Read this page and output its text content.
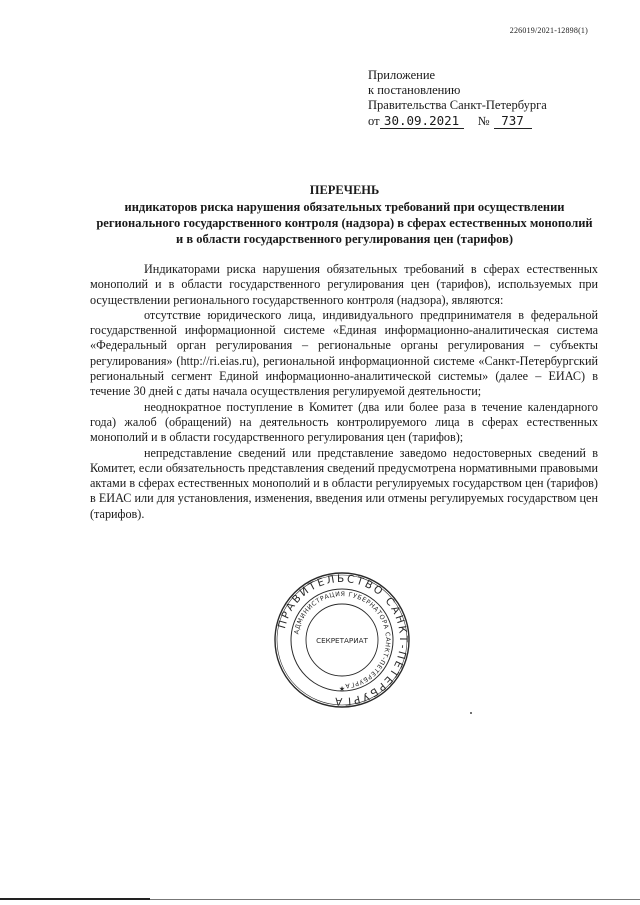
226019/2021-12898(1)
Приложение
к постановлению
Правительства Санкт-Петербурга
от 30.09.2021	№ 737
ПЕРЕЧЕНЬ
индикаторов риска нарушения обязательных требований при осуществлении регионального государственного контроля (надзора) в сферах естественных монополий и в области государственного регулирования цен (тарифов)

Индикаторами риска нарушения обязательных требований в сферах естественных монополий и в области государственного регулирования цен (тарифов), используемых при осуществлении регионального государственного контроля (надзора), являются:

отсутствие юридического лица, индивидуального предпринимателя в федеральной государственной информационной системе «Единая информационно-аналитическая система «Федеральный орган регулирования – региональные органы регулирования – субъекты регулирования» (http://ri.eias.ru), региональной информационной системе «Санкт-Петербургский региональный сегмент Единой информационно-аналитической системы» (далее – ЕИАС) в течение 30 дней с даты начала осуществления регулируемой деятельности;

неоднократное поступление в Комитет (два или более раза в течение календарного года) жалоб (обращений) на деятельность контролируемого лица в сферах естественных монополий и в области государственного регулирования цен (тарифов);

непредставление сведений или представление заведомо недостоверных сведений в Комитет, если обязательность представления сведений предусмотрена нормативными правовыми актами в сферах естественных монополий и в области регулируемых государством цен (тарифов) в ЕИАС или для установления, изменения, введения или отмены регулируемых государством цен (тарифов).

ПРАВИТЕЛЬСТВО САНКТ-ПЕТЕРБУРГА
АДМИНИСТРАЦИЯ ГУБЕРНАТОРА САНКТ-ПЕТЕРБУРГА
СЕКРЕТАРИАТ
★
